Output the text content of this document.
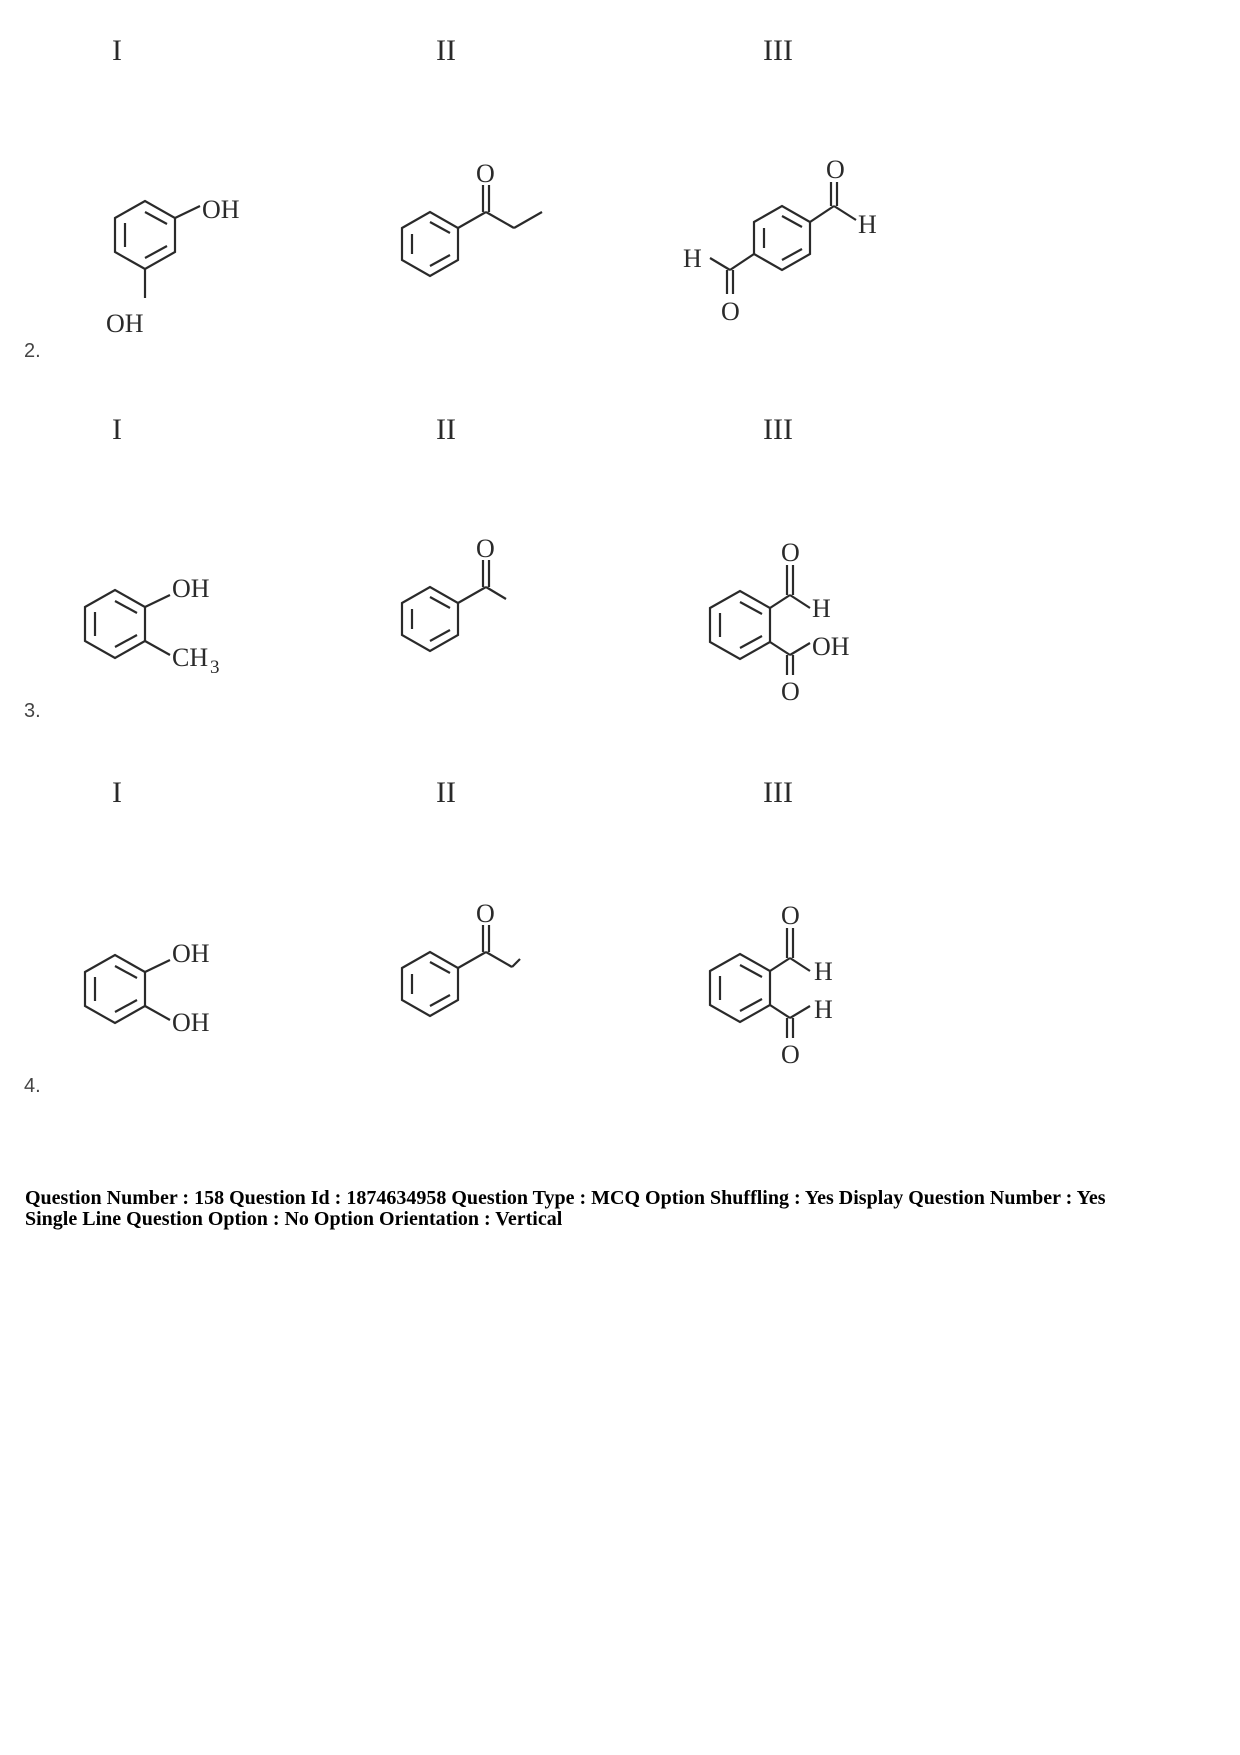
I	II	III
OH
OH
O	O
H
H
O
2.
I	II	III
OH
CH 3
O	O
H
OH
O
3.
I	II	III
OH
OH
O	O
H
H
O
4.
Question Number : 158 Question Id : 1874634958 Question Type : MCQ Option Shuffling : Yes Display Question Number : Yes
Single Line Question Option : No Option Orientation : Vertical
